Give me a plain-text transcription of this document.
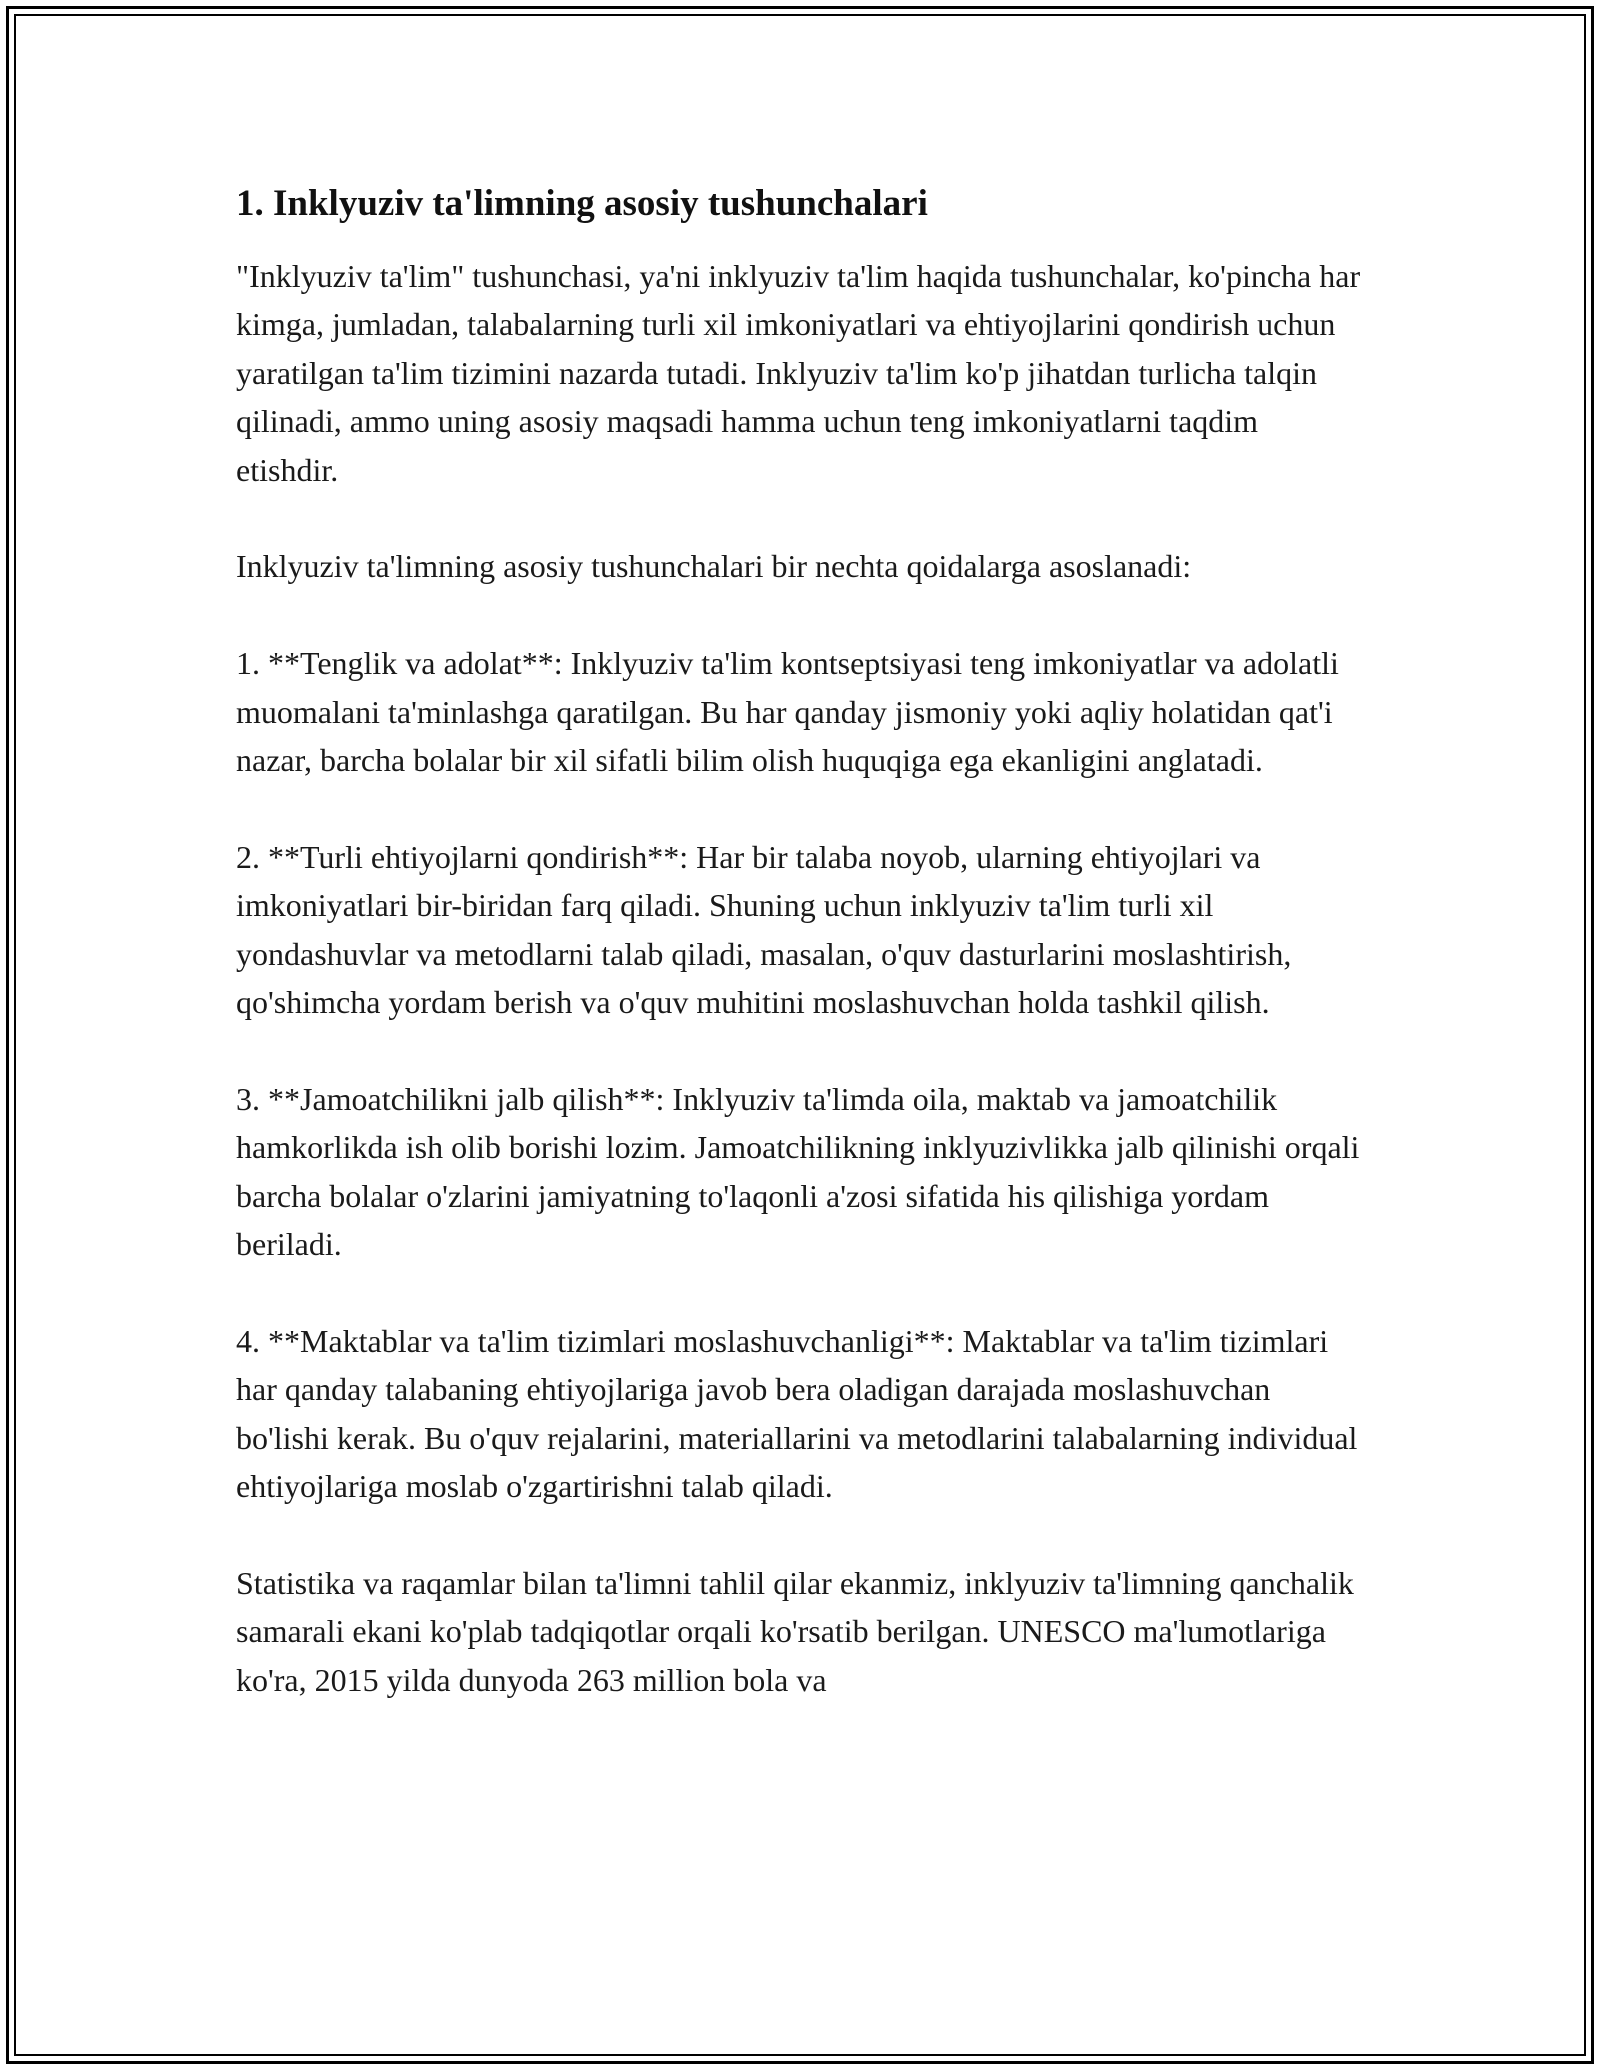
1. Inklyuziv ta'limning asosiy tushunchalari

"Inklyuziv ta'lim" tushunchasi, ya'ni inklyuziv ta'lim haqida tushunchalar, ko'pincha har kimga, jumladan, talabalarning turli xil imkoniyatlari va ehtiyojlarini qondirish uchun yaratilgan ta'lim tizimini nazarda tutadi. Inklyuziv ta'lim ko'p jihatdan turlicha talqin qilinadi, ammo uning asosiy maqsadi hamma uchun teng imkoniyatlarni taqdim etishdir.

Inklyuziv ta'limning asosiy tushunchalari bir nechta qoidalarga asoslanadi:

1. **Tenglik va adolat**: Inklyuziv ta'lim kontseptsiyasi teng imkoniyatlar va adolatli muomalani ta'minlashga qaratilgan. Bu har qanday jismoniy yoki aqliy holatidan qat'i nazar, barcha bolalar bir xil sifatli bilim olish huquqiga ega ekanligini anglatadi.

2. **Turli ehtiyojlarni qondirish**: Har bir talaba noyob, ularning ehtiyojlari va imkoniyatlari bir-biridan farq qiladi. Shuning uchun inklyuziv ta'lim turli xil yondashuvlar va metodlarni talab qiladi, masalan, o'quv dasturlarini moslashtirish, qo'shimcha yordam berish va o'quv muhitini moslashuvchan holda tashkil qilish.

3. **Jamoatchilikni jalb qilish**: Inklyuziv ta'limda oila, maktab va jamoatchilik hamkorlikda ish olib borishi lozim. Jamoatchilikning inklyuzivlikka jalb qilinishi orqali barcha bolalar o'zlarini jamiyatning to'laqonli a'zosi sifatida his qilishiga yordam beriladi.

4. **Maktablar va ta'lim tizimlari moslashuvchanligi**: Maktablar va ta'lim tizimlari har qanday talabaning ehtiyojlariga javob bera oladigan darajada moslashuvchan bo'lishi kerak. Bu o'quv rejalarini, materiallarini va metodlarini talabalarning individual ehtiyojlariga moslab o'zgartirishni talab qiladi.

Statistika va raqamlar bilan ta'limni tahlil qilar ekanmiz, inklyuziv ta'limning qanchalik samarali ekani ko'plab tadqiqotlar orqali ko'rsatib berilgan. UNESCO ma'lumotlariga ko'ra, 2015 yilda dunyoda 263 million bola va
